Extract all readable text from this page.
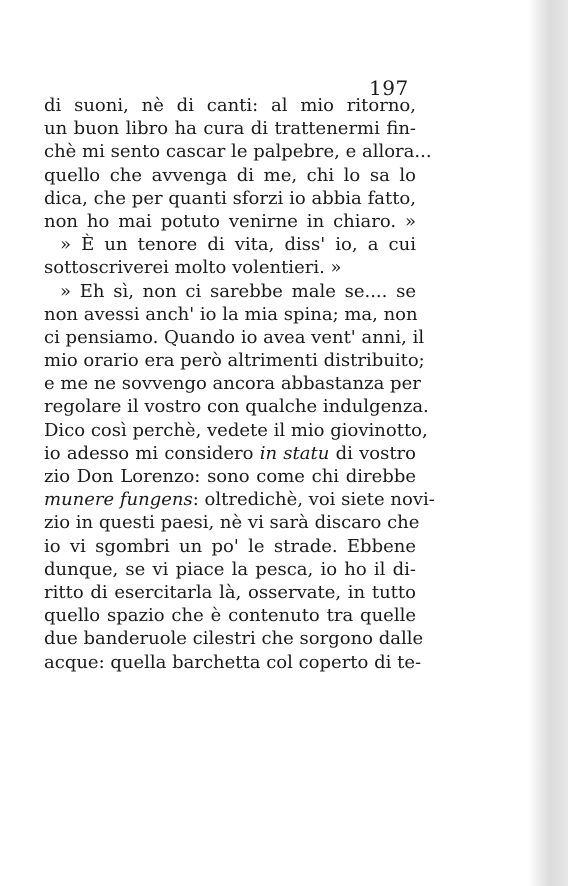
197
di suoni, nè di canti: al mio ritorno,
un buon libro ha cura di trattenermi fin-
chè mi sento cascar le palpebre, e allora...
quello che avvenga di me, chi lo sa lo
dica, che per quanti sforzi io abbia fatto,
non ho mai potuto venirne in chiaro. »
» È un tenore di vita, diss' io, a cui
sottoscriverei molto volentieri. »
» Eh sì, non ci sarebbe male se.... se
non avessi anch' io la mia spina; ma, non
ci pensiamo. Quando io avea vent' anni, il
mio orario era però altrimenti distribuito;
e me ne sovvengo ancora abbastanza per
regolare il vostro con qualche indulgenza.
Dico così perchè, vedete il mio giovinotto,
io adesso mi considero in statu di vostro
zio Don Lorenzo: sono come chi direbbe
munere fungens: oltredichè, voi siete novi-
zio in questi paesi, nè vi sarà discaro che
io vi sgombri un po' le strade. Ebbene
dunque, se vi piace la pesca, io ho il di-
ritto di esercitarla là, osservate, in tutto
quello spazio che è contenuto tra quelle
due banderuole cilestri che sorgono dalle
acque: quella barchetta col coperto di te-
